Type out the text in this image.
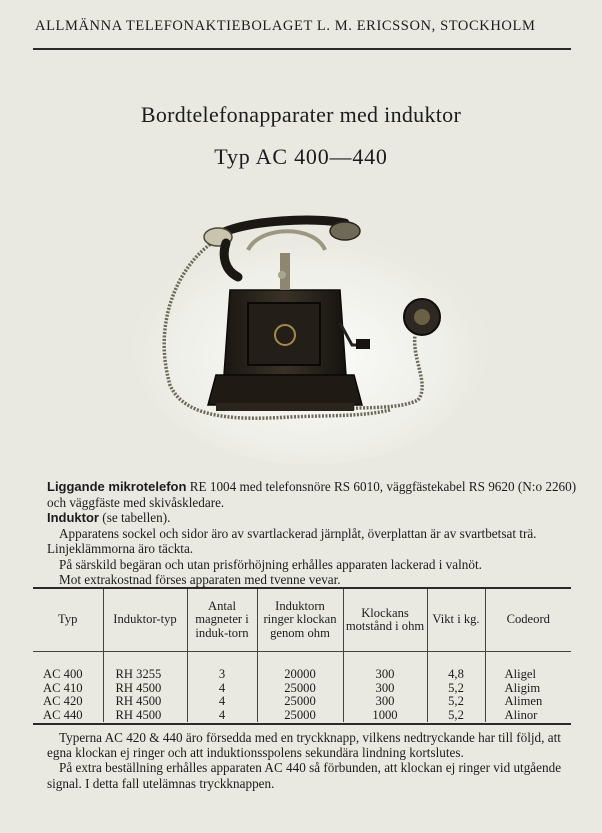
ALLMÄNNA TELEFONAKTIEBOLAGET L. M. ERICSSON, STOCKHOLM
Bordtelefonapparater med induktor
Typ AC 400—440

Liggande mikrotelefon RE 1004 med telefonsnöre RS 6010, väggfästekabel RS 9620 (N:o 2260) och väggfäste med skivåskledare.

Induktor (se tabellen).

Apparatens sockel och sidor äro av svartlackerad järnplåt, överplattan är av svartbetsat trä. Linjeklämmorna äro täckta.

På särskild begäran och utan prisförhöjning erhålles apparaten lackerad i valnöt.

Mot extrakostnad förses apparaten med tvenne vevar.

Typ	Induktor-typ	Antal magneter i induk-torn	Induktorn ringer klockan genom ohm	Klockans motstånd i ohm	Vikt i kg.	Codeord
AC 400	RH 3255	3	20000	300	4,8	Aligel
AC 410	RH 4500	4	25000	300	5,2	Aligim
AC 420	RH 4500	4	25000	300	5,2	Alimen
AC 440	RH 4500	4	25000	1000	5,2	Alinor

Typerna AC 420 & 440 äro försedda med en tryckknapp, vilkens nedtryckande har till följd, att egna klockan ej ringer och att induktionsspolens sekundära lindning kortslutes.

På extra beställning erhålles apparaten AC 440 så förbunden, att klockan ej ringer vid utgående signal. I detta fall utelämnas tryckknappen.
